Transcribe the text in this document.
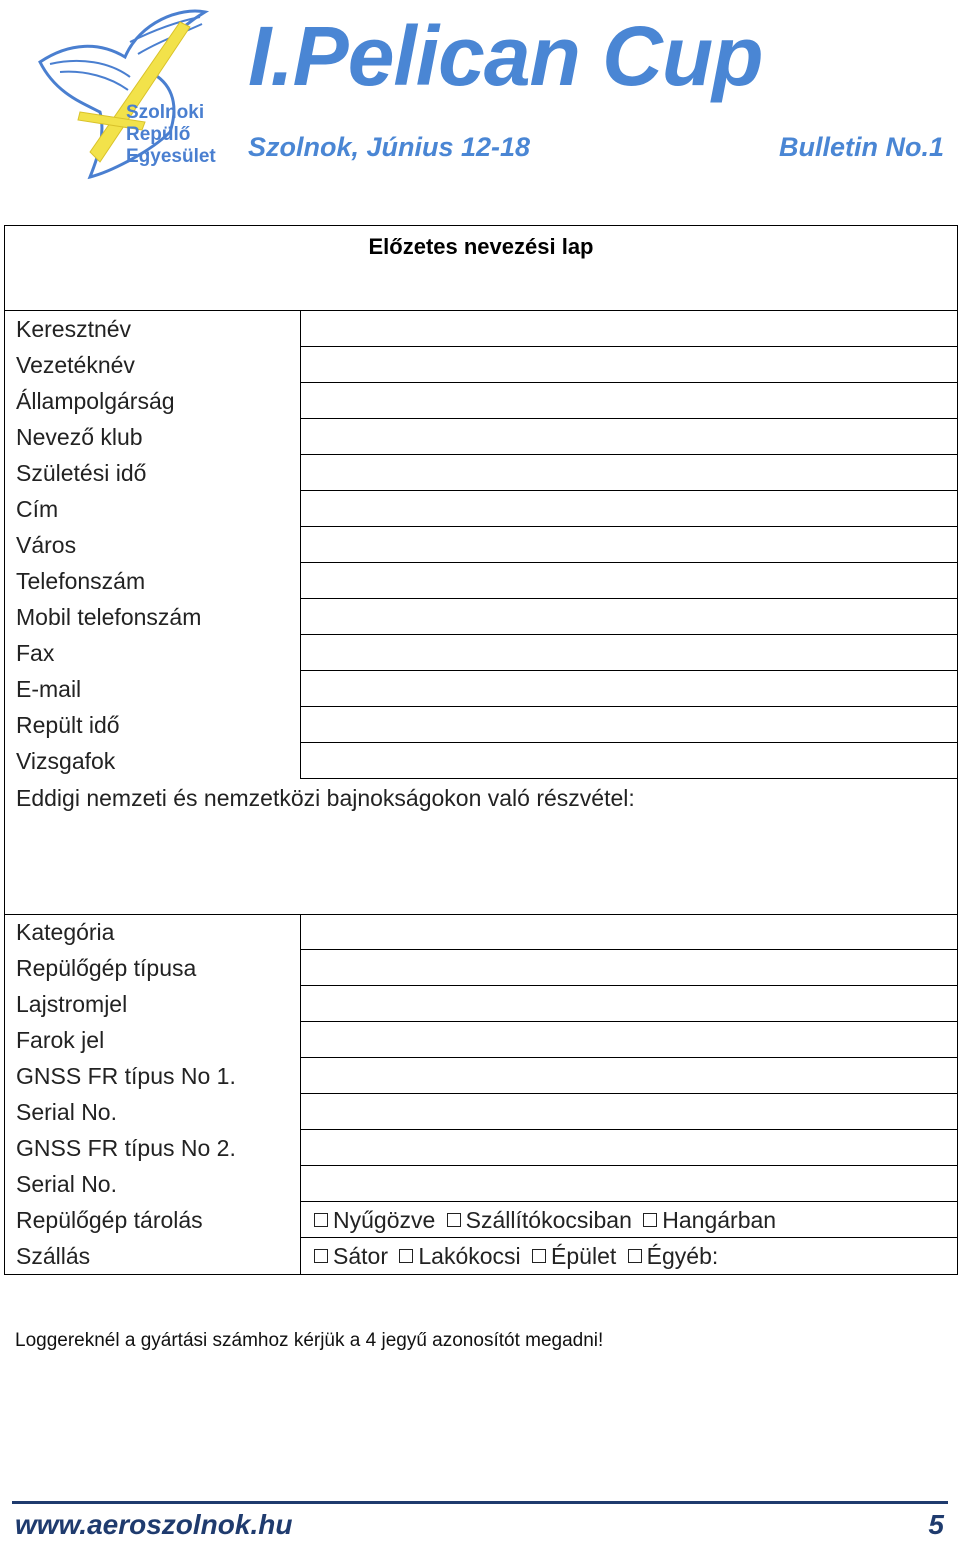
Szolnoki
Repülő
Egyesület
I.Pelican Cup
Szolnok, Június 12-18	Bulletin No.1
Előzetes nevezési lap
Keresztnév
Vezetéknév
Állampolgárság
Nevező klub
Születési idő
Cím
Város
Telefonszám
Mobil telefonszám
Fax
E-mail
Repült idő
Vizsgafok
Eddigi nemzeti és nemzetközi bajnokságokon való részvétel:
Kategória
Repülőgép típusa
Lajstromjel
Farok jel
GNSS FR típus No 1.
Serial No.
GNSS FR típus No 2.
Serial No.
Repülőgép tárolás	Nyűgözve Szállítókocsiban Hangárban
Szállás	Sátor Lakókocsi Épület Égyéb:
Loggereknél a gyártási számhoz kérjük a 4 jegyű azonosítót megadni!
www.aeroszolnok.hu	5
